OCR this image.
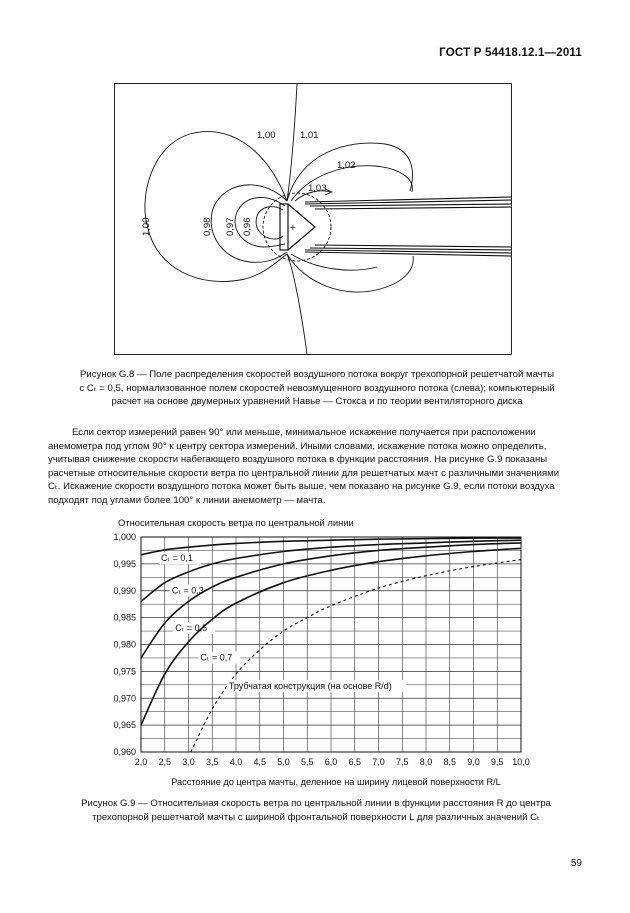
ГОСТ Р 54418.12.1—2011
1,00	1,01
1,02
1,03
1,00	0,98 0,97 0,96	+
Рисунок G.8 — Поле распределения скоростей воздушного потока вокруг трехопорной решетчатой мачты
с Cₜ = 0,5, нормализованное полем скоростей невозмущенного воздушного потока (слева); компьютерный
расчет на основе двумерных уравнений Навье — Стокса и по теории вентиляторного диска
Если сектор измерений равен 90° или меньше, минимальное искажение получается при расположении
анемометра под углом 90° к центру сектора измерений. Иными словами, искажение потока можно определить,
учитывая снижение скорости набегающего воздушного потока в функции расстояния. На рисунке G.9 показаны
расчетные относительные скорости ветра по центральной линии для решетчатых мачт с различными значениями
Cₜ. Искажение скорости воздушного потока может быть выше, чем показано на рисунке G.9, если потоки воздуха
подходят под углами более 100° к линии анемометр — мачта.
Относительная скорость ветра по центральной линии
2,0 2,5 3,0 3,5 4,0 4,5 5,0 5,5 6,0 6,5 7,0 7,5 8,0 8,5 9,0 9,5 10,0
1,000
0,995
0,990
0,985
0,980
0,975
0,970
0,965
0,960
Cₜ = 0,1
Cₜ = 0,3
Cₜ = 0,5
Cₜ = 0,7
Трубчатая конструкция (на основе R/d)
Расстояние до центра мачты, деленное на ширину лицевой поверхности R/L
Рисунок G.9 — Относительная скорость ветра по центральной линии в функции расстояния R до центра
трехопорной решетчатой мачты с шириной фронтальной поверхности L для различных значений Cₜ
59
